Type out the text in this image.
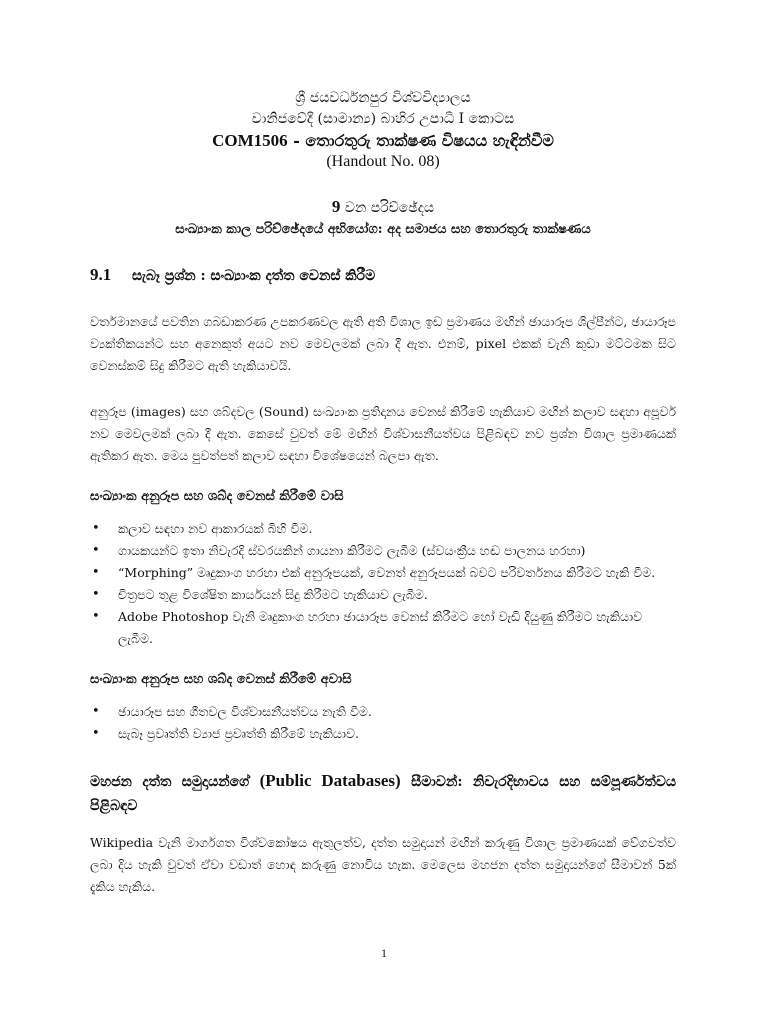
ශ්‍රී ජයවර්ධනපුර විශ්වවිද්‍යාලය
වානිජවේදී (සාමාන්‍ය) බාහිර උපාධි I කොටස
COM1506 - තොරතුරු තාක්ෂණ විෂයය හැඳින්වීම
(Handout No. 08)
9 වන පරිච්ඡේදය
සංඛ්‍යාංක කාල පරිච්ඡේදයේ අභියෝග: අද සමාජය සහ තොරතුරු තාක්ෂණය
9.1	සැබෑ ප්‍රශ්න : සංඛ්‍යාංක දත්ත වෙනස් කිරීම

වර්තමානයේ පවතින ගබඩාකරණ උපකරණවල ඇති අති විශාල ඉඩ ප්‍රමාණය මඟින් ඡායාරූප ශිල්පීන්ට, ඡායාරූප ව්‍යක්තිකයන්ට සහ අනෙකුත් අයට නව මෙවලමක් ලබා දී ඇත. එනම්, pixel එකක් වැනි කුඩා මට්ටමක සිට වෙනස්කම් සිදු කිරීමට ඇති හැකියාවයි.

අනුරූප (images) සහ ශබ්දවල (Sound) සංඛ්‍යාංක ප්‍රතිදානය වෙනස් කිරීමේ හැකියාව මඟින් කලාව සඳහා අපූර්ව නව මෙවලමක් ලබා දී ඇත. කෙසේ වුවත් මේ මඟින් විශ්වාසනීයත්වය පිළිබඳව නව ප්‍රශ්න විශාල ප්‍රමාණයක් ඇතිකර ඇත. මෙය පුවත්පත් කලාව සඳහා විශේෂයෙන් බලපා ඇත.

සංඛ්‍යාංක අනුරූප සහ ශබ්ද වෙනස් කිරීමේ වාසි
• කලාව සඳහා නව ආකාරයක් බිහි වීම.
• ගායකයන්ට ඉතා නිවැරදි ස්වරයකින් ගායනා කිරීමට ලැබීම (ස්වයංක්‍රීය හඬ පාලනය හරහා)
• “Morphing” මෘදුකාංග හරහා එක් අනුරූපයක්, වෙනත් අනුරූපයක් බවට පරිවර්තනය කිරීමට හැකි වීම.
• චිත්‍රපට තුළ විශේෂිත කාර්යයන් සිදු කිරීමට හැකියාව ලැබීම.
• Adobe Photoshop වැනි මෘදුකාංග හරහා ඡායාරූප වෙනස් කිරීමට හෝ වැඩි දියුණු කිරීමට හැකියාව ලැබීම.
සංඛ්‍යාංක අනුරූප සහ ශබ්ද වෙනස් කිරීමේ අවාසි
• ඡායාරූප සහ ගීතවල විශ්වාසනීයත්වය නැති වීම.
• සැබෑ ප්‍රවෘත්ති ව්‍යාජ ප්‍රවෘත්ති කිරීමේ හැකියාව.
මහජන දත්ත සමුදායන්ගේ (Public Databases) සීමාවන්: නිවැරදිභාවය සහ සම්පූර්ණත්වය පිළිබඳව

Wikipedia වැනි මාර්ගගත විශ්වකෝෂය ඇතුලත්ව, දත්ත සමුදායන් මඟින් කරුණු විශාල ප්‍රමාණයක් වේගවත්ව ලබා දිය හැකි වුවත් ඒවා වඩාත් හොඳ කරුණු නොවිය හැක. මෙලෙස මහජන දත්ත සමුදායන්ගේ සීමාවන් 5ක් දැකිය හැකිය.

1
